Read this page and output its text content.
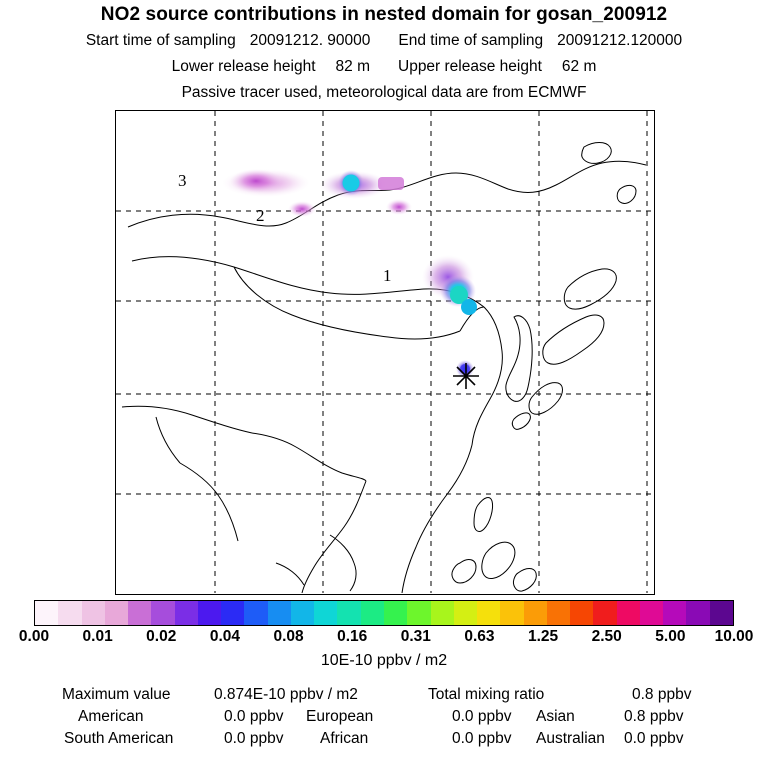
NO2 source contributions in nested domain for gosan_200912
Start time of sampling 20091212. 90000 End time of sampling 20091212.120000
Lower release height 82 m Upper release height 62 m
Passive tracer used, meteorological data are from ECMWF
3
2
1
0.00 0.01 0.02 0.04 0.08 0.16 0.31 0.63 1.25 2.50 5.00 10.00
10E-10 ppbv / m2
Maximum value	0.874E-10 ppbv / m2	Total mixing ratio	0.8 ppbv
American	0.0 ppbv European	0.0 ppbv Asian	0.8 ppbv
South American	0.0 ppbv African	0.0 ppbv Australian 0.0 ppbv
